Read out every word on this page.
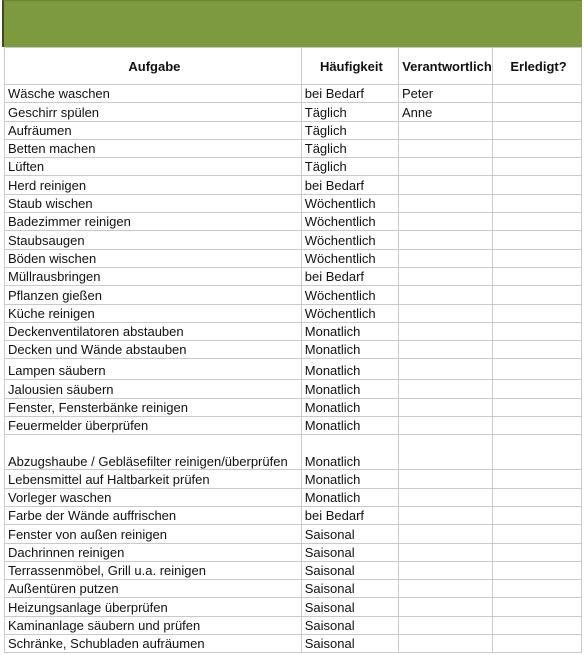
Aufgabe	Häufigkeit	Verantwortlich	Erledigt?
Wäsche waschen	bei Bedarf	Peter	
Geschirr spülen	Täglich	Anne	
Aufräumen	Täglich		
Betten machen	Täglich		
Lüften	Täglich		
Herd reinigen	bei Bedarf		
Staub wischen	Wöchentlich		
Badezimmer reinigen	Wöchentlich		
Staubsaugen	Wöchentlich		
Böden wischen	Wöchentlich		
Müllrausbringen	bei Bedarf		
Pflanzen gießen	Wöchentlich		
Küche reinigen	Wöchentlich		
Deckenventilatoren abstauben	Monatlich		
Decken und Wände abstauben	Monatlich		
Lampen säubern	Monatlich		
Jalousien säubern	Monatlich		
Fenster, Fensterbänke reinigen	Monatlich		
Feuermelder überprüfen	Monatlich		
Abzugshaube / Gebläsefilter reinigen/überprüfen	Monatlich		
Lebensmittel auf Haltbarkeit prüfen	Monatlich		
Vorleger waschen	Monatlich		
Farbe der Wände auffrischen	bei Bedarf		
Fenster von außen reinigen	Saisonal		
Dachrinnen reinigen	Saisonal		
Terrassenmöbel, Grill u.a. reinigen	Saisonal		
Außentüren putzen	Saisonal		
Heizungsanlage überprüfen	Saisonal		
Kaminanlage säubern und prüfen	Saisonal		
Schränke, Schubladen aufräumen	Saisonal		
